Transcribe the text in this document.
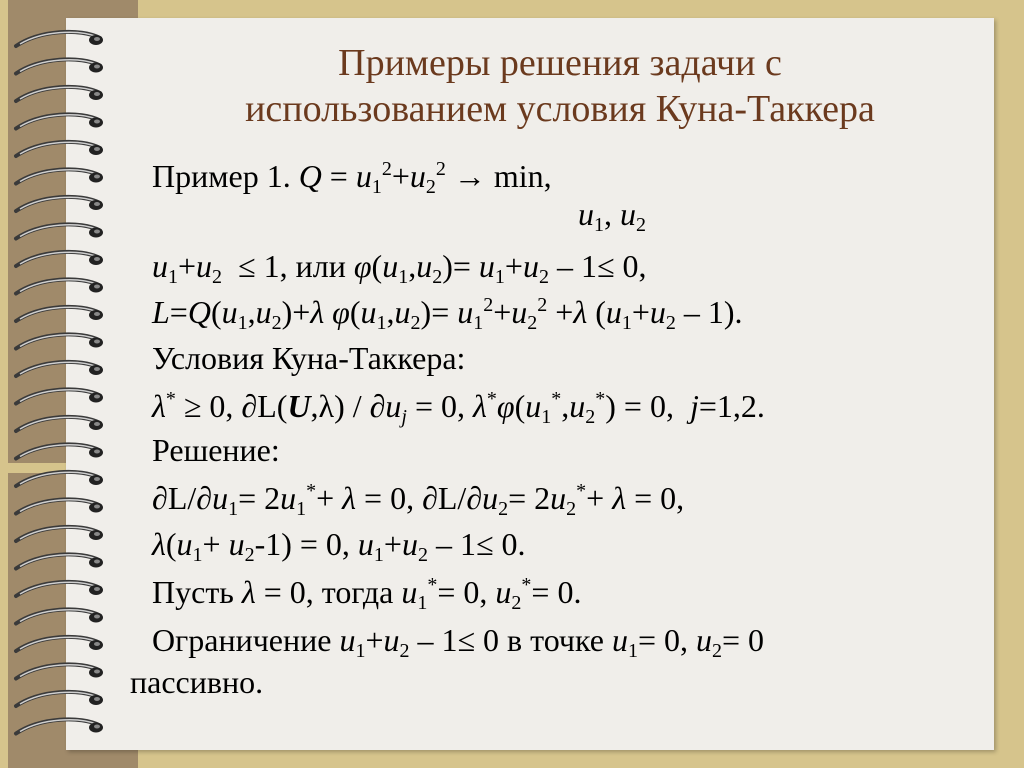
Примеры решения задачи с
использованием условия Куна-Таккера
Пример 1. $Q = u_1^2+u_2^2 \to \min$,
$u_1$, $u_2$
$u_1+u_2 \le 1$, или $\varphi(u_1,u_2)= u_1+u_2 - 1\le 0$,
$L=Q(u_1,u_2)+\lambda$ $\varphi(u_1,u_2)= u_1^2+u_2^2 +\lambda$ $(u_1+u_2 - 1)$.
Условия Куна-Таккера:
λ* ≥ 0, $\partial L(U,\lambda) / \partial u_j = 0$, $\lambda^*\varphi(u_1^*,u_2^*) = 0$,  j=1,2.
Решение:
$\partial L/\partial u_1= 2u_1^*+ \lambda = 0$, $\partial L/\partial u_2= 2u_2^*+ \lambda = 0$,
$\lambda(u_1+ u_2-1) = 0$, $u_1+u_2 - 1\le 0$.
Пусть λ = 0, тогда $u_1^*= 0$, $u_2^*= 0$.
Ограничение $u_1+u_2 - 1\le 0$ в точке $u_1= 0$, $u_2= 0$
пассивно.
